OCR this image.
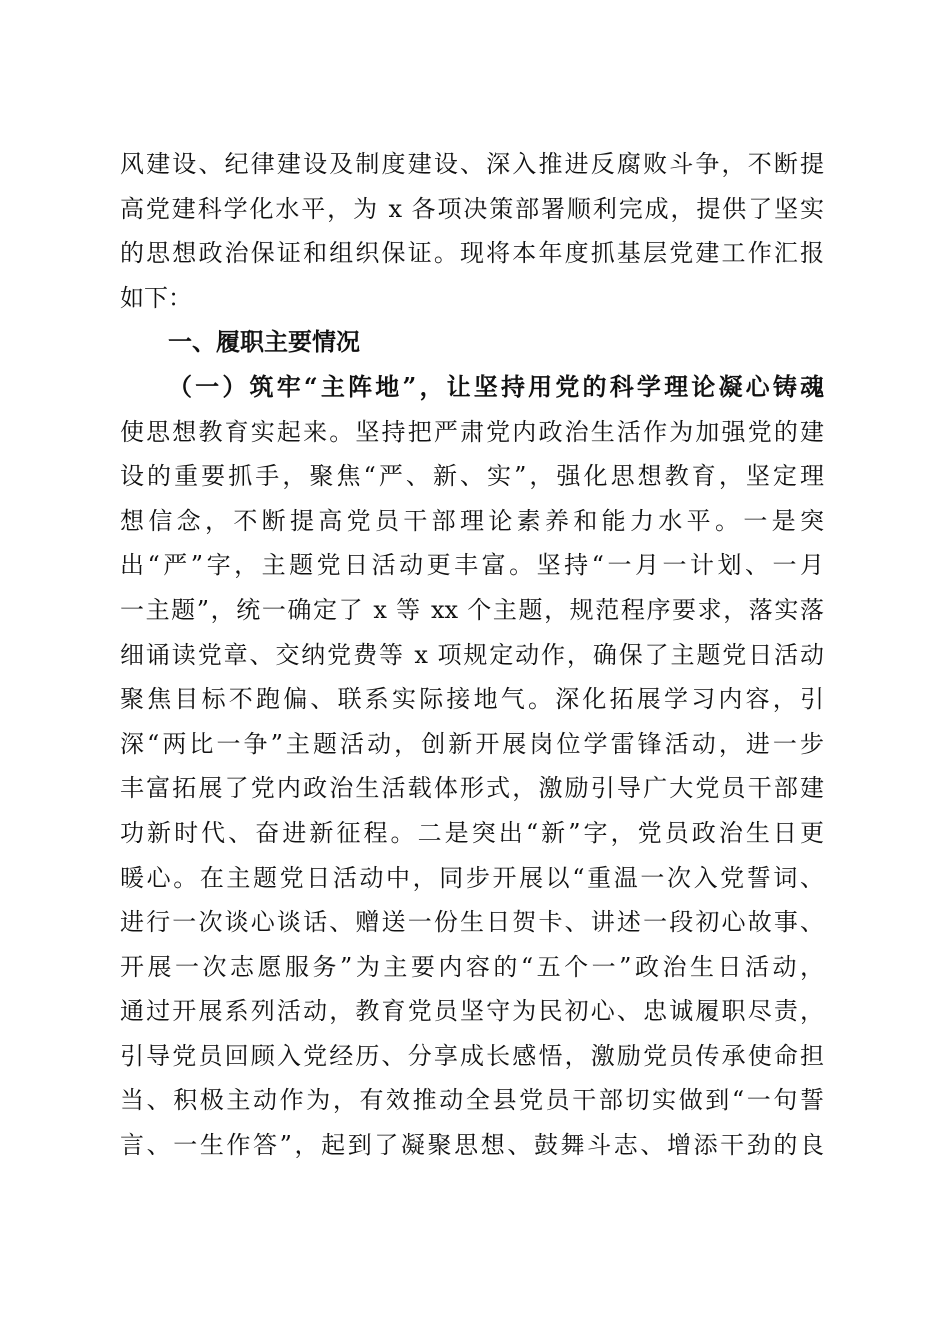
风建设、纪律建设及制度建设、深入推进反腐败斗争，不断提
高党建科学化水平，为 x 各项决策部署顺利完成，提供了坚实
的思想政治保证和组织保证。现将本年度抓基层党建工作汇报
如下：
一、履职主要情况
（一）筑牢“主阵地”，让坚持用党的科学理论凝心铸魂
使思想教育实起来。坚持把严肃党内政治生活作为加强党的建
设的重要抓手，聚焦“严、新、实”，强化思想教育，坚定理
想信念，不断提高党员干部理论素养和能力水平。一是突
出“严”字，主题党日活动更丰富。坚持“一月一计划、一月
一主题”，统一确定了 x 等 xx 个主题，规范程序要求，落实落
细诵读党章、交纳党费等 x 项规定动作，确保了主题党日活动
聚焦目标不跑偏、联系实际接地气。深化拓展学习内容，引
深“两比一争”主题活动，创新开展岗位学雷锋活动，进一步
丰富拓展了党内政治生活载体形式，激励引导广大党员干部建
功新时代、奋进新征程。二是突出“新”字，党员政治生日更
暖心。在主题党日活动中，同步开展以“重温一次入党誓词、
进行一次谈心谈话、赠送一份生日贺卡、讲述一段初心故事、
开展一次志愿服务”为主要内容的“五个一”政治生日活动，
通过开展系列活动，教育党员坚守为民初心、忠诚履职尽责，
引导党员回顾入党经历、分享成长感悟，激励党员传承使命担
当、积极主动作为，有效推动全县党员干部切实做到“一句誓
言、一生作答”，起到了凝聚思想、鼓舞斗志、增添干劲的良
